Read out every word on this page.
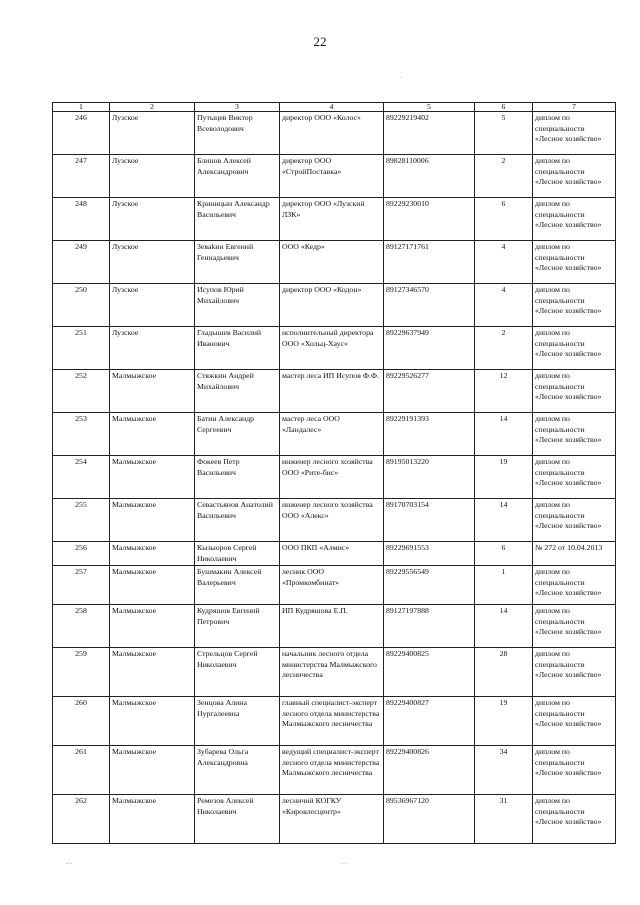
22
1	2	3	4	5	6	7
246	Лузское	Путыцев Виктор Всеволодович	директор ООО «Колос»	89229219402	5	диплом по специальности «Лесное хозяйство»
247	Лузское	Блинов Алексей Александрович	директор ООО «СтройПоставка»	89828110006	2	диплом по специальности «Лесное хозяйство»
248	Лузское	Криницын Александр Васильевич	директор ООО «Лузский ЛЗК»	89229230010	6	диплом по специальности «Лесное хозяйство»
249	Лузское	Зеваkин Евгений Геннадьевич	ООО «Кедр»	89127171761	4	диплом по специальности «Лесное хозяйство»
250	Лузское	Исупов Юрий Михайлович	директор ООО «Кодон»	89127346570	4	диплом по специальности «Лесное хозяйство»
251	Лузское	Гладышев Василий Иванович	исполнительный директора ООО «Хольц-Хаус»	89229637949	2	диплом по специальности «Лесное хозяйство»
252	Малмыжское	Стяжкин Андрей Михайлович	мастер леса ИП Исупов Ф.Ф.	89229526277	12	диплом по специальности «Лесное хозяйство»
253	Малмыжское	Батин Александр Сергеевич	мастер леса ООО «Ландалес»	89229191393	14	диплом по специальности «Лесное хозяйство»
254	Малмыжское	Фокеев Петр Васильевич	инженер лесного хозяйства ООО «Рите-бис»	89195013220	19	диплом по специальности «Лесное хозяйство»
255	Малмыжское	Севастьянов Анатолий Васильевич	инженер лесного хозяйства ООО «Алекс»	89170703154	14	диплом по специальности «Лесное хозяйство»
256	Малмыжское	Кызыоров Сергей Николаевич	ООО ПКП «Алмис»	89229691553	6	№ 272 от 10.04.2013
257	Малмыжское	Бушмакин Алексей Валерьевич	лесник ООО «Промкомбинат»	89229556549	1	диплом по специальности «Лесное хозяйство»
258	Малмыжское	Кудряшов Евгений Петрович	ИП Кудряшова Е.П.	89127197888	14	диплом по специальности «Лесное хозяйство»
259	Малмыжское	Стрельцов Сергей Николаевич	начальник лесного отдела министерства Малмыжского лесничества	89229400825	28	диплом по специальности «Лесное хозяйство»
260	Малмыжское	Зенцова Алина Нургалеевна	главный специалист-эксперт лесного отдела министерства Малмыжского лесничества	89229400827	19	диплом по специальности «Лесное хозяйство»
261	Малмыжское	Зубарева Ольга Александровна	ведущий специалист-эксперт лесного отдела министерства Малмыжского лесничества	89229400826	34	диплом по специальности «Лесное хозяйство»
262	Малмыжское	Ремезов Алексей Николаевич	лесничий КОГКУ «Кировлесцентр»	89536967120	31	диплом по специальности «Лесное хозяйство»
.. .	. .
.
